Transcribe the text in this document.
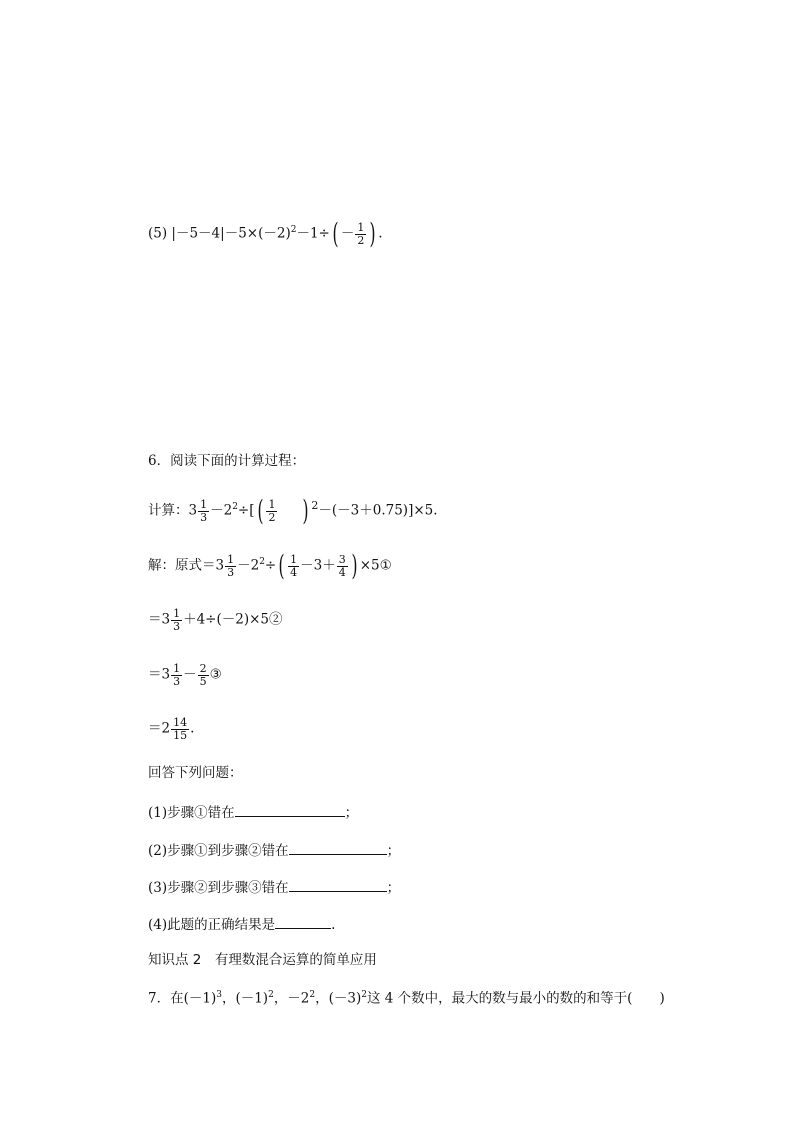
(5) $|-5-4|-5\times(-2)^2-1\div( - \frac{1}{2}$ ) .
6．阅读下面的计算过程：
计算：$3 \frac{1}{3} -2^2\div[( \frac{1}{2}$ ) $^2$－(－3＋0.75)]×5.
解：原式$=3 \frac{1}{3} -2^2\div( \frac{1}{4} -3+ \frac{3}{4}$ ) ×5①
$=3 \frac{1}{3}$ ＋4÷(－2)×5②
$=3 \frac{1}{3} - \frac{2}{5}$ ③
$=2 \frac{14}{15}$ .
回答下列问题：
(1)步骤①错在	；
(2)步骤①到步骤②错在	；
(3)步骤②到步骤③错在	；
(4)此题的正确结果是	.
知识点 2　有理数混合运算的简单应用
7．在$(-1)^3$，$(-1)^2$，$-2^2$，$(-3)^2$这 4 个数中，最大的数与最小的数的和等于(　　)
